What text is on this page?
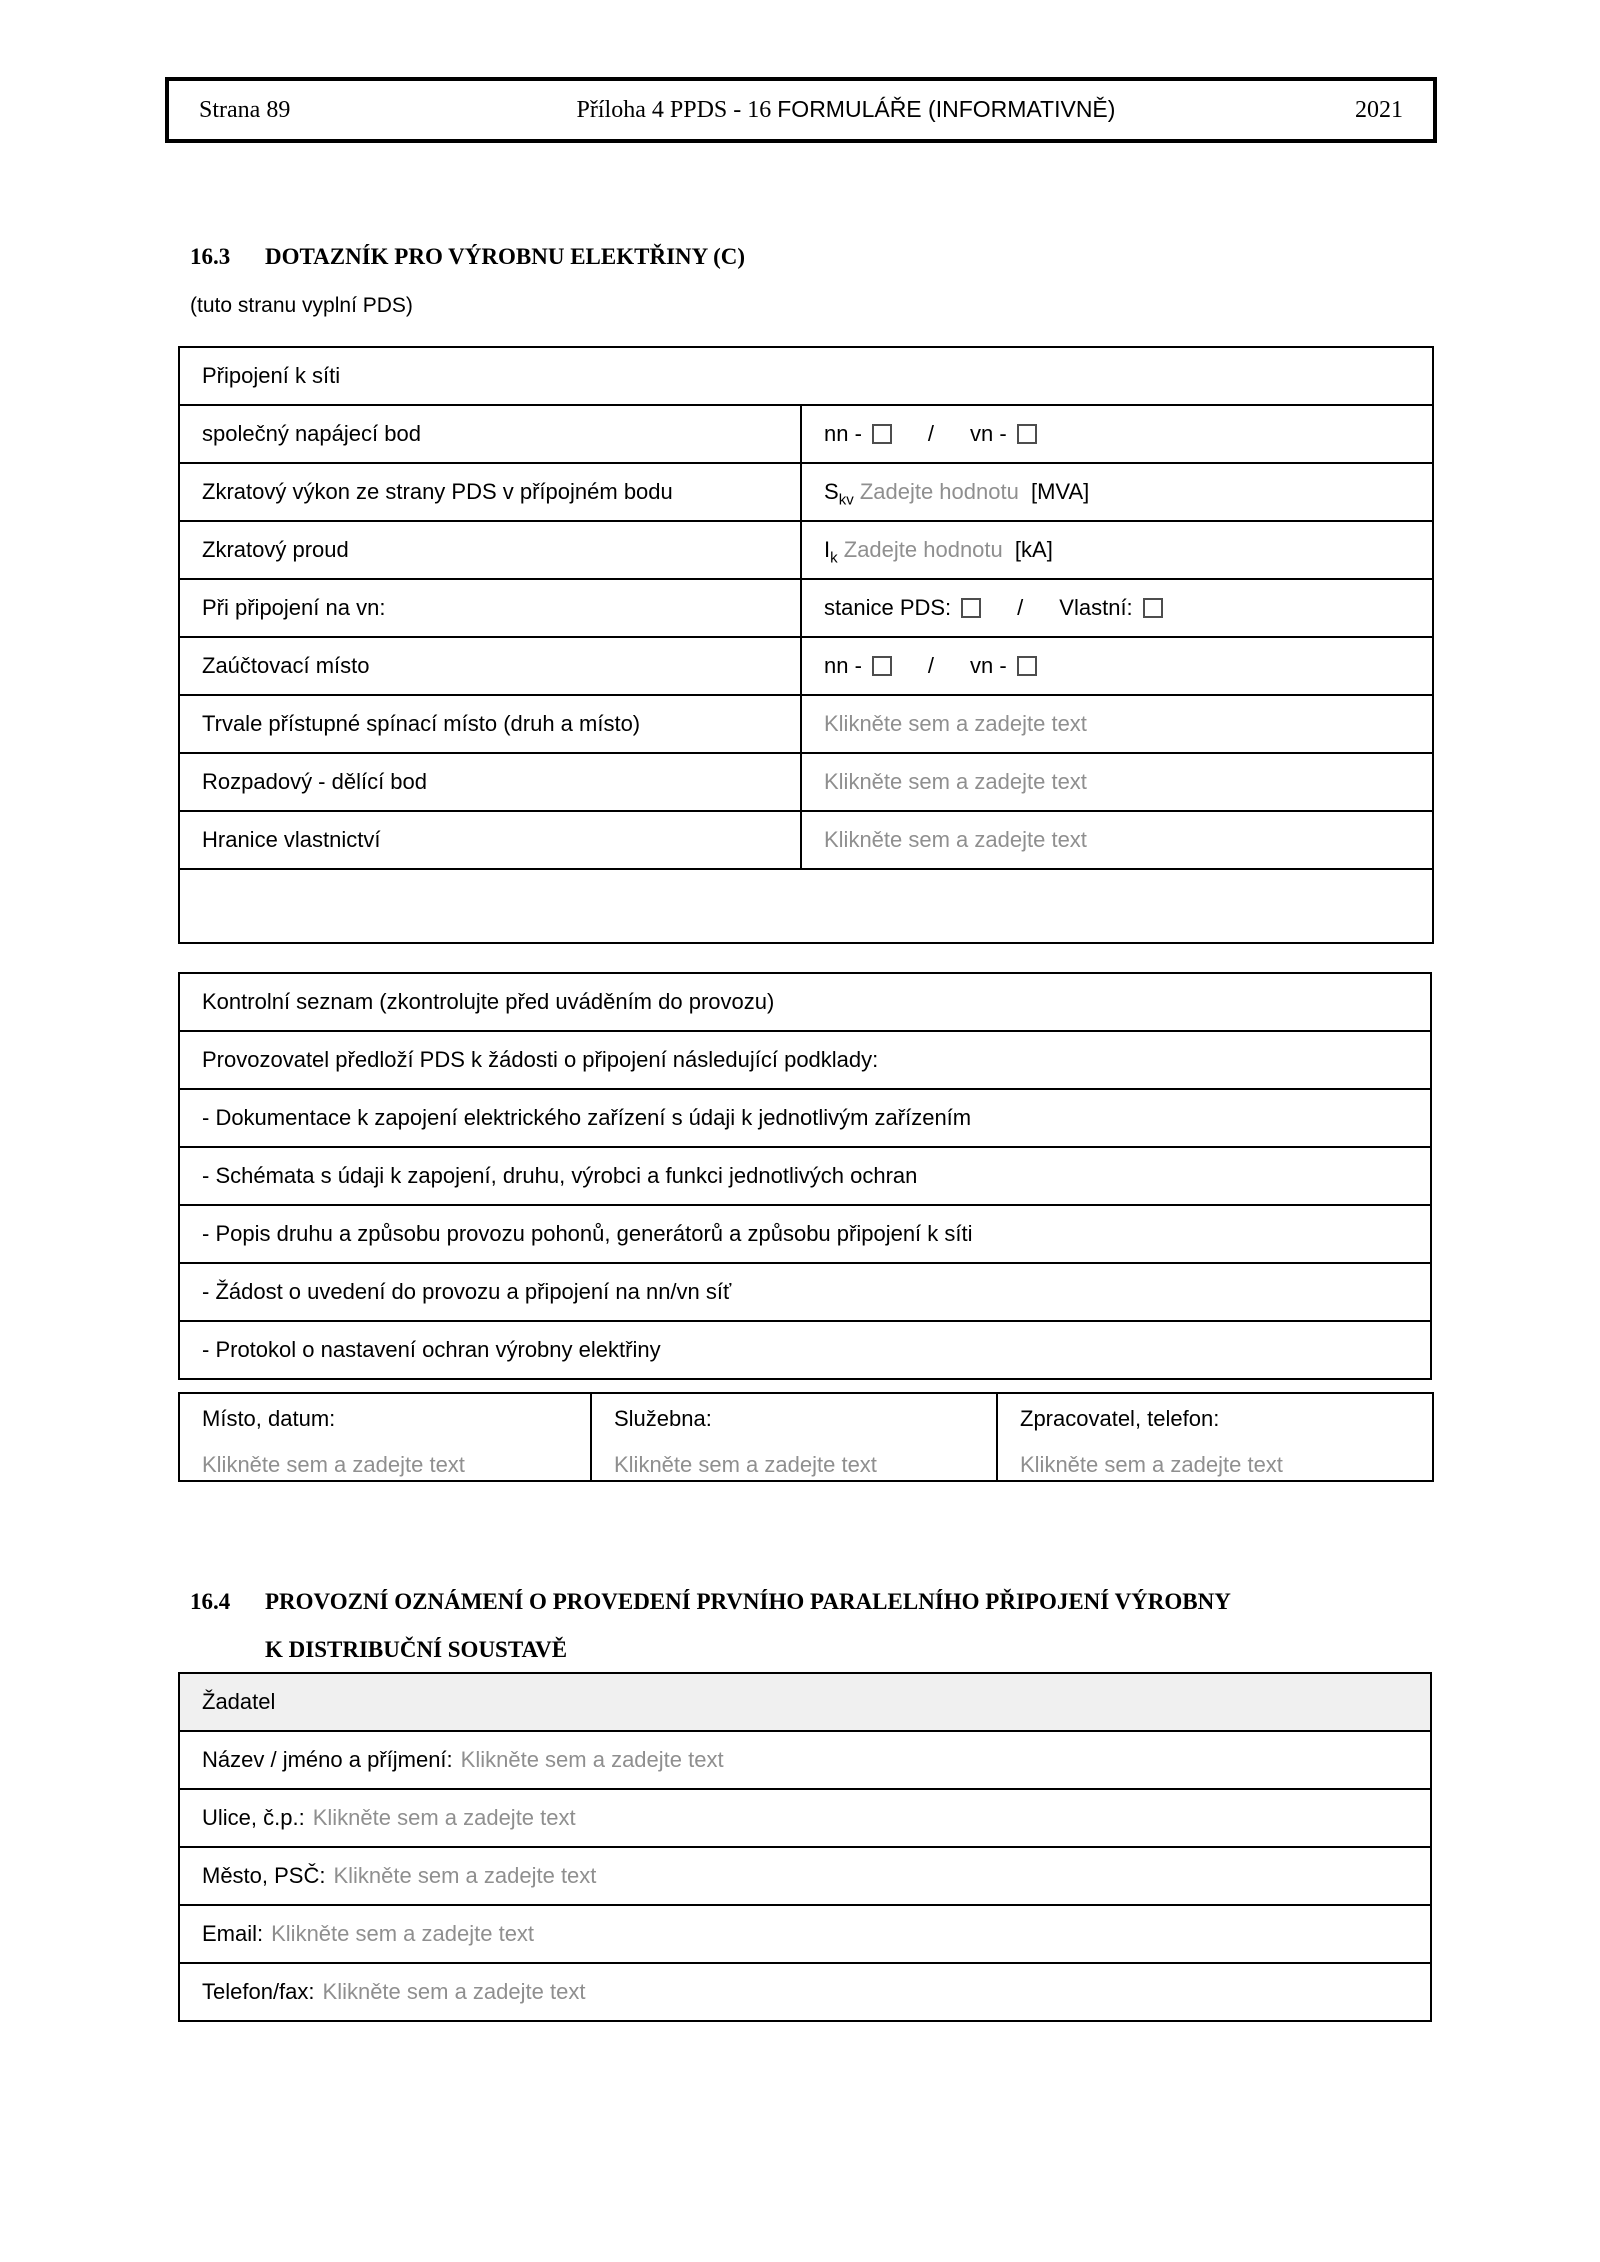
Strana 89	Příloha 4 PPDS - 16 FORMULÁŘE (INFORMATIVNĚ)	2021
16.3	DOTAZNÍK PRO VÝROBNU ELEKTŘINY (C)
(tuto stranu vyplní PDS)
Připojení k síti	
společný napájecí bod	nn - / vn -
Zkratový výkon ze strany PDS v přípojném bodu	$S_{kv}$ Zadejte hodnotu [MVA]
Zkratový proud	$I_k$ Zadejte hodnotu [kA]
Při připojení na vn:	stanice PDS: / Vlastní:
Zaúčtovací místo	nn - / vn -
Trvale přístupné spínací místo (druh a místo)	Klikněte sem a zadejte text
Rozpadový - dělící bod	Klikněte sem a zadejte text
Hranice vlastnictví	Klikněte sem a zadejte text

Kontrolní seznam (zkontrolujte před uváděním do provozu)
Provozovatel předloží PDS k žádosti o připojení následující podklady:
- Dokumentace k zapojení elektrického zařízení s údaji k jednotlivým zařízením
- Schémata s údaji k zapojení, druhu, výrobci a funkci jednotlivých ochran
- Popis druhu a způsobu provozu pohonů, generátorů a způsobu připojení k síti
- Žádost o uvedení do provozu a připojení na nn/vn síť
- Protokol o nastavení ochran výrobny elektřiny
Místo, datum:
Klikněte sem a zadejte text

Služebna:
Klikněte sem a zadejte text

Zpracovatel, telefon:
Klikněte sem a zadejte text
16.4	PROVOZNÍ OZNÁMENÍ O PROVEDENÍ PRVNÍHO PARALELNÍHO PŘIPOJENÍ VÝROBNY
K DISTRIBUČNÍ SOUSTAVĚ
Žadatel
Název / jméno a příjmení: Klikněte sem a zadejte text
Ulice, č.p.: Klikněte sem a zadejte text
Město, PSČ: Klikněte sem a zadejte text
Email: Klikněte sem a zadejte text
Telefon/fax: Klikněte sem a zadejte text
